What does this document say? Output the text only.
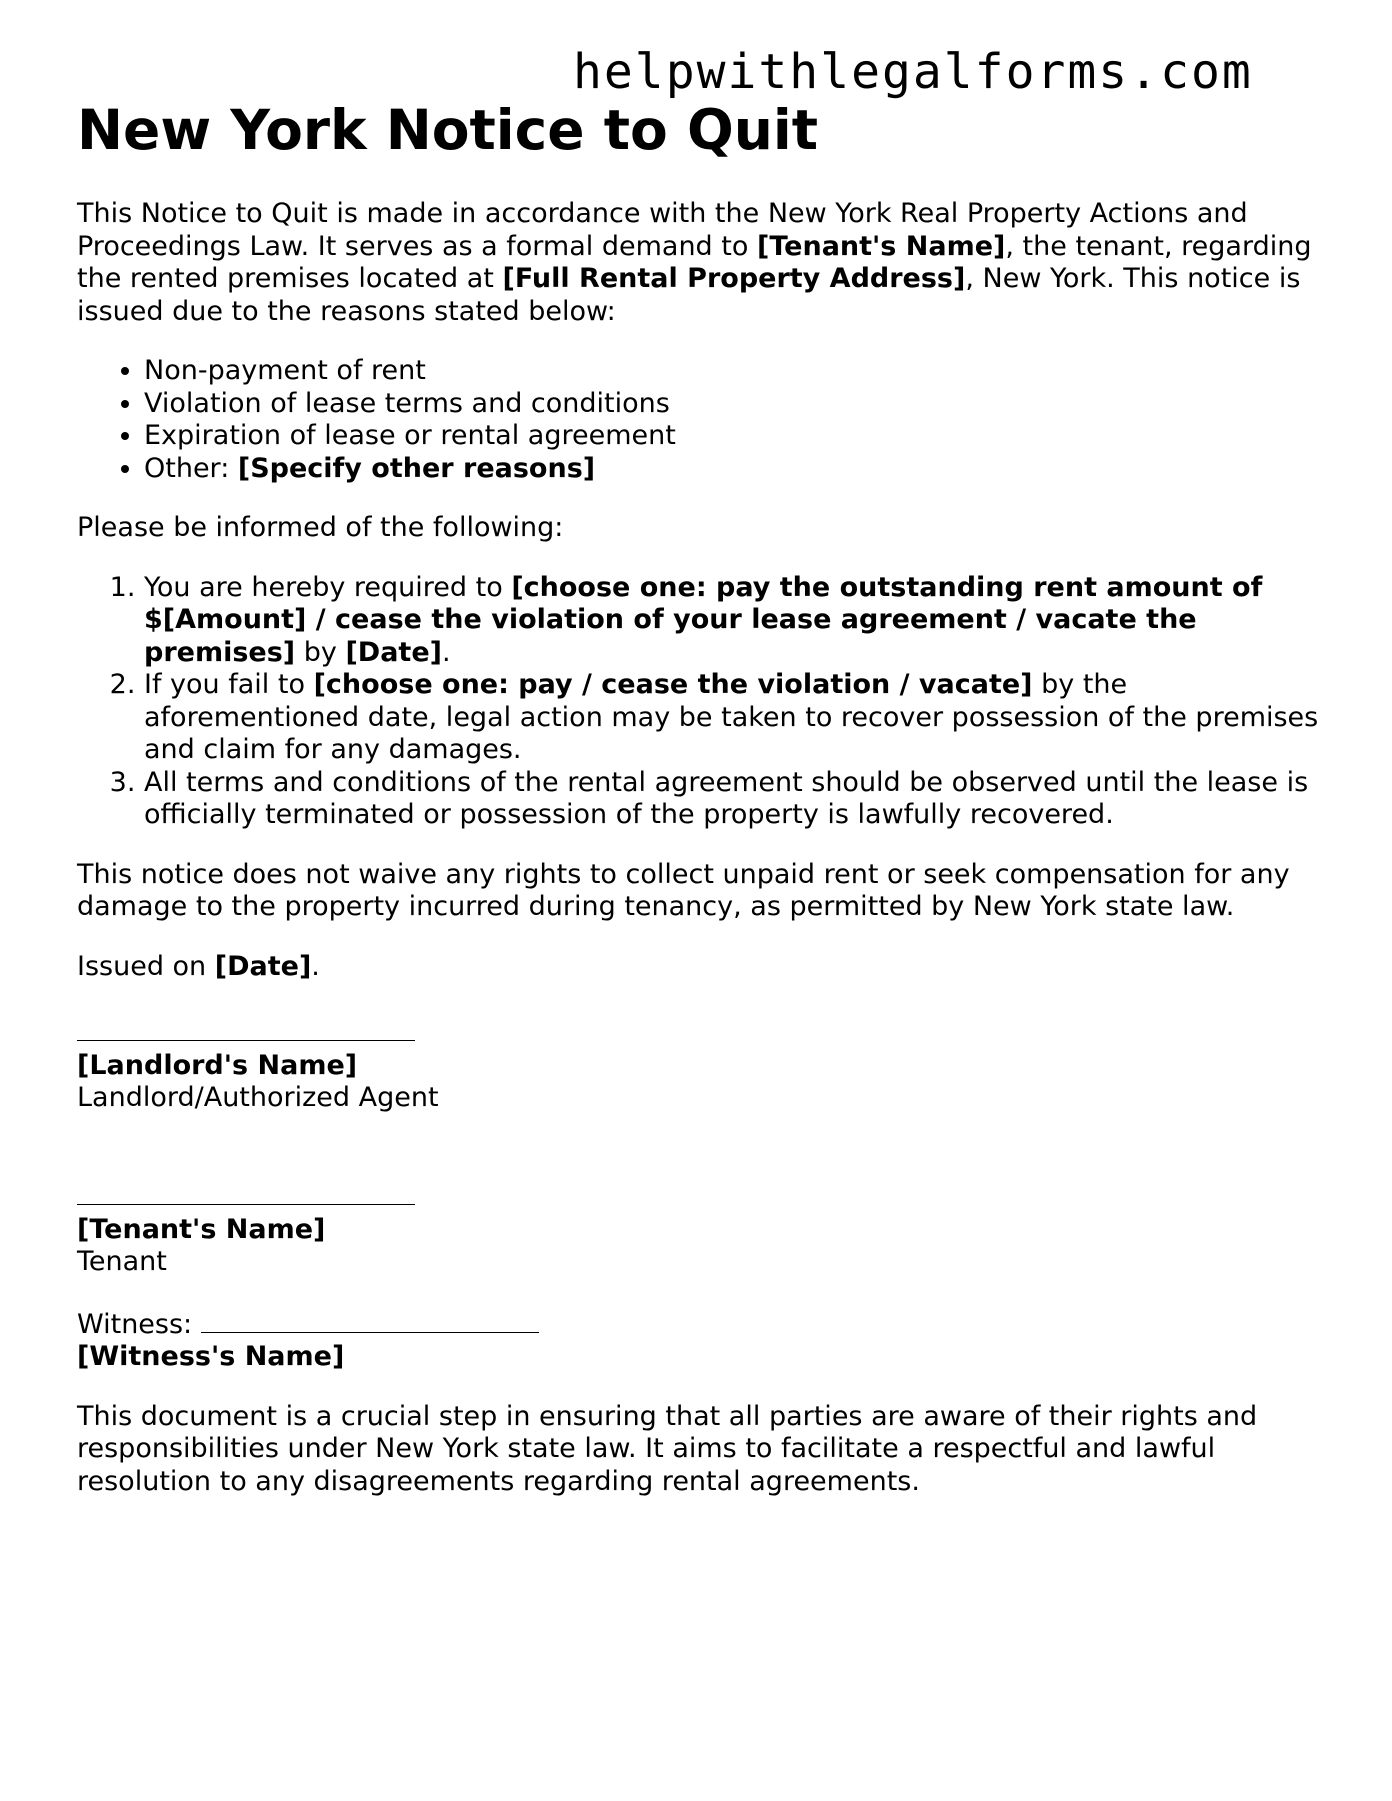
helpwithlegalforms.com
New York Notice to Quit

This Notice to Quit is made in accordance with the New York Real Property Actions and Proceedings Law. It serves as a formal demand to [Tenant's Name], the tenant, regarding the rented premises located at [Full Rental Property Address], New York. This notice is issued due to the reasons stated below:

• Non-payment of rent
• Violation of lease terms and conditions
• Expiration of lease or rental agreement
• Other: [Specify other reasons]

Please be informed of the following:

1. You are hereby required to [choose one: pay the outstanding rent amount of $[Amount] / cease the violation of your lease agreement / vacate the premises] by [Date].
2. If you fail to [choose one: pay / cease the violation / vacate] by the aforementioned date, legal action may be taken to recover possession of the premises and claim for any damages.
3. All terms and conditions of the rental agreement should be observed until the lease is officially terminated or possession of the property is lawfully recovered.

This notice does not waive any rights to collect unpaid rent or seek compensation for any damage to the property incurred during tenancy, as permitted by New York state law.

Issued on [Date].

[Landlord's Name]
Landlord/Authorized Agent
[Tenant's Name]
Tenant
Witness:
[Witness's Name]

This document is a crucial step in ensuring that all parties are aware of their rights and responsibilities under New York state law. It aims to facilitate a respectful and lawful resolution to any disagreements regarding rental agreements.
